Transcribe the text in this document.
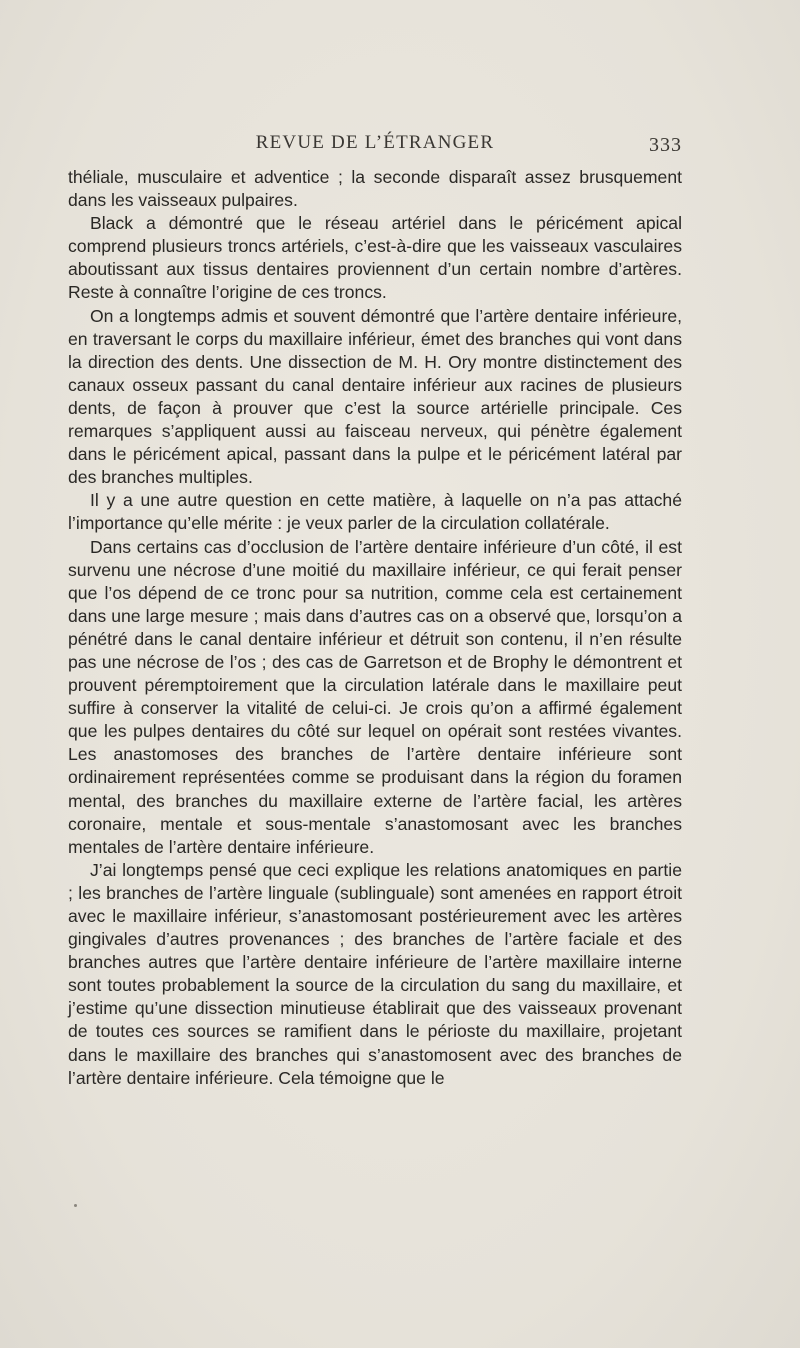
REVUE DE L’ÉTRANGER	333

théliale, musculaire et adventice ; la seconde disparaît assez brusquement dans les vaisseaux pulpaires.

Black a démontré que le réseau artériel dans le péricément apical comprend plusieurs troncs artériels, c’est-à-dire que les vaisseaux vasculaires aboutissant aux tissus dentaires proviennent d’un certain nombre d’artères. Reste à connaître l’origine de ces troncs.

On a longtemps admis et souvent démontré que l’artère dentaire inférieure, en traversant le corps du maxillaire inférieur, émet des branches qui vont dans la direction des dents. Une dissection de M. H. Ory montre distinctement des canaux osseux passant du canal dentaire inférieur aux racines de plusieurs dents, de façon à prouver que c’est la source artérielle principale. Ces remarques s’appliquent aussi au faisceau nerveux, qui pénètre également dans le péricément apical, passant dans la pulpe et le péricément latéral par des branches multiples.

Il y a une autre question en cette matière, à laquelle on n’a pas attaché l’importance qu’elle mérite : je veux parler de la circulation collatérale.

Dans certains cas d’occlusion de l’artère dentaire inférieure d’un côté, il est survenu une nécrose d’une moitié du maxillaire inférieur, ce qui ferait penser que l’os dépend de ce tronc pour sa nutrition, comme cela est certainement dans une large mesure ; mais dans d’autres cas on a observé que, lorsqu’on a pénétré dans le canal dentaire inférieur et détruit son contenu, il n’en résulte pas une nécrose de l’os ; des cas de Garretson et de Brophy le démontrent et prouvent péremptoirement que la circulation latérale dans le maxillaire peut suffire à conserver la vitalité de celui-ci. Je crois qu’on a affirmé également que les pulpes dentaires du côté sur lequel on opérait sont restées vivantes. Les anastomoses des branches de l’artère dentaire inférieure sont ordinairement représentées comme se produisant dans la région du foramen mental, des branches du maxillaire externe de l’artère facial, les artères coronaire, mentale et sous-mentale s’anastomosant avec les branches mentales de l’artère dentaire inférieure.

J’ai longtemps pensé que ceci explique les relations anatomiques en partie ; les branches de l’artère linguale (sublinguale) sont amenées en rapport étroit avec le maxillaire inférieur, s’anastomosant postérieurement avec les artères gingivales d’autres provenances ; des branches de l’artère faciale et des branches autres que l’artère dentaire inférieure de l’artère maxillaire interne sont toutes probablement la source de la circulation du sang du maxillaire, et j’estime qu’une dissection minutieuse établirait que des vaisseaux provenant de toutes ces sources se ramifient dans le périoste du maxillaire, projetant dans le maxillaire des branches qui s’anastomosent avec des branches de l’artère dentaire inférieure. Cela témoigne que le
